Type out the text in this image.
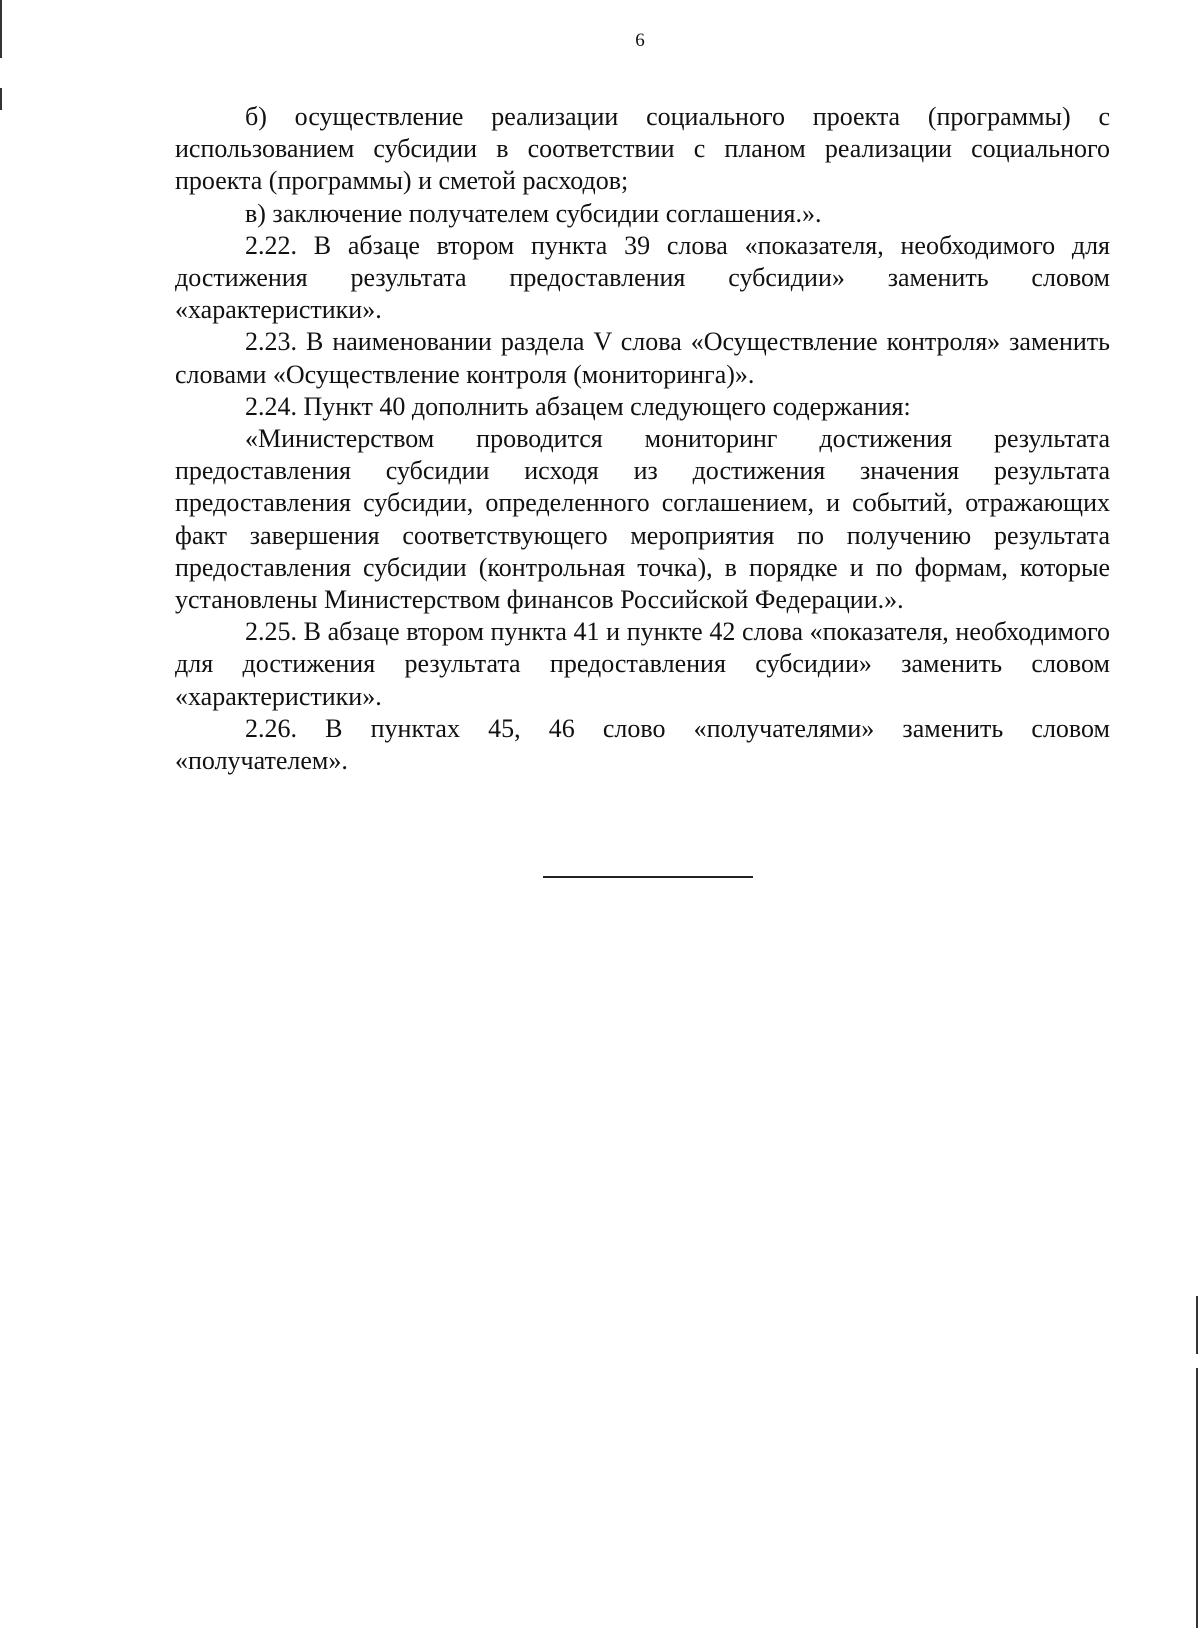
6

б) осуществление реализации социального проекта (программы) с использованием субсидии в соответствии с планом реализации социального проекта (программы) и сметой расходов;

в) заключение получателем субсидии соглашения.».

2.22. В абзаце втором пункта 39 слова «показателя, необходимого для достижения результата предоставления субсидии» заменить словом «характеристики».

2.23. В наименовании раздела V слова «Осуществление контроля» заменить словами «Осуществление контроля (мониторинга)».

2.24. Пункт 40 дополнить абзацем следующего содержания:

«Министерством проводится мониторинг достижения результата предоставления субсидии исходя из достижения значения результата предоставления субсидии, определенного соглашением, и событий, отражающих факт завершения соответствующего мероприятия по получению результата предоставления субсидии (контрольная точка), в порядке и по формам, которые установлены Министерством финансов Российской Федерации.».

2.25. В абзаце втором пункта 41 и пункте 42 слова «показателя, необходимого для достижения результата предоставления субсидии» заменить словом «характеристики».

2.26. В пунктах 45, 46 слово «получателями» заменить словом «получателем».
